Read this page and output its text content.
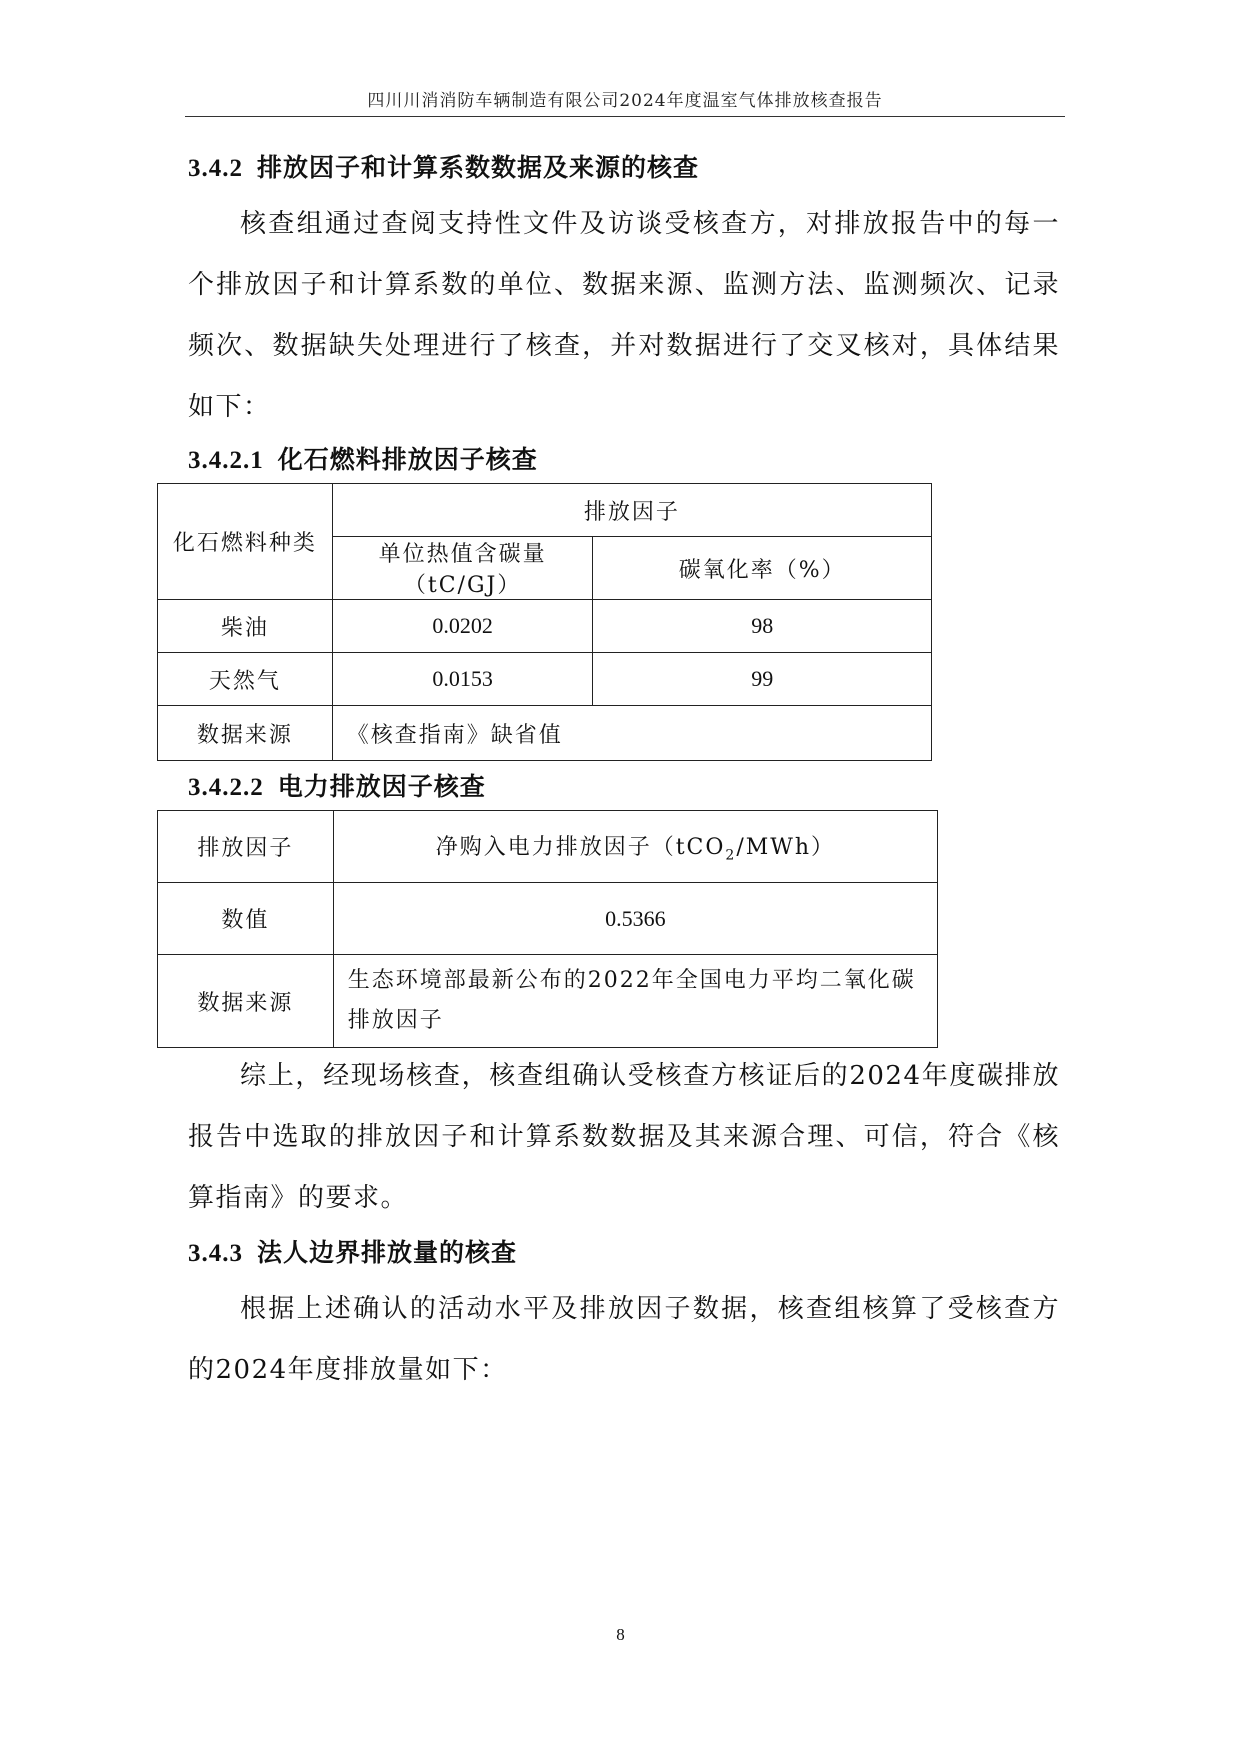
四川川消消防车辆制造有限公司2024年度温室气体排放核查报告
3.4.2 排放因子和计算系数数据及来源的核查
核查组通过查阅支持性文件及访谈受核查方，对排放报告中的每一个排放因子和计算系数的单位、数据来源、监测方法、监测频次、记录频次、数据缺失处理进行了核查，并对数据进行了交叉核对，具体结果如下：
3.4.2.1 化石燃料排放因子核查
化石燃料种类	排放因子	
	单位热值含碳量（tC/GJ）	碳氧化率（%）
柴油	0.0202	98
天然气	0.0153	99
数据来源	《核查指南》缺省值	
3.4.2.2 电力排放因子核查
排放因子	净购入电力排放因子（tCO$_2$/MWh）
数值	0.5366
数据来源	生态环境部最新公布的2022年全国电力平均二氧化碳排放因子
综上，经现场核查，核查组确认受核查方核证后的2024年度碳排放报告中选取的排放因子和计算系数数据及其来源合理、可信，符合《核算指南》的要求。
3.4.3 法人边界排放量的核查
根据上述确认的活动水平及排放因子数据，核查组核算了受核查方的2024年度排放量如下：
8
